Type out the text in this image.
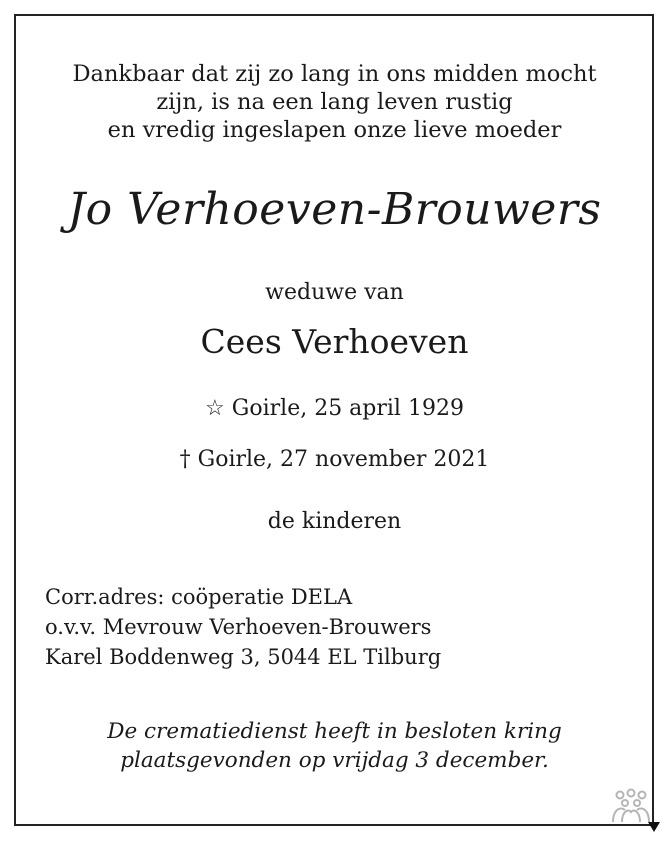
Dankbaar dat zij zo lang in ons midden mocht
zijn, is na een lang leven rustig
en vredig ingeslapen onze lieve moeder
Jo Verhoeven-Brouwers
weduwe van
Cees Verhoeven
☆ Goirle, 25 april 1929
† Goirle, 27 november 2021
de kinderen
Corr.adres: coöperatie DELA
o.v.v. Mevrouw Verhoeven-Brouwers
Karel Boddenweg 3, 5044 EL Tilburg
De crematiedienst heeft in besloten kring
plaatsgevonden op vrijdag 3 december.
